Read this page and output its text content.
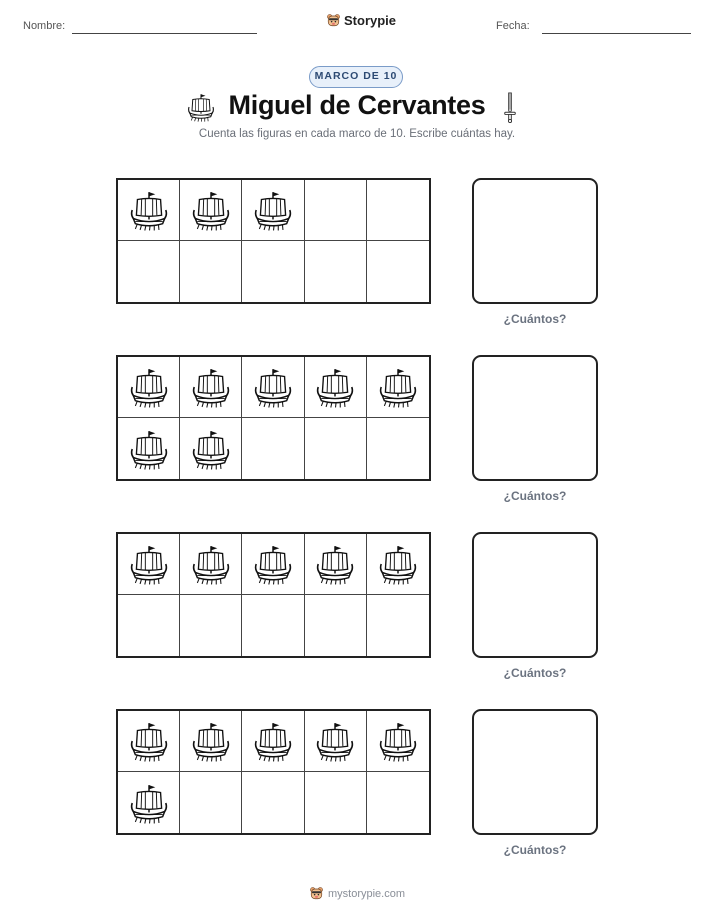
Nombre:	Storypie	Fecha:
MARCO DE 10
Miguel de Cervantes
Cuenta las figuras en cada marco de 10. Escribe cuántas hay.
¿Cuántos?
¿Cuántos?
¿Cuántos?
¿Cuántos?
mystorypie.com
